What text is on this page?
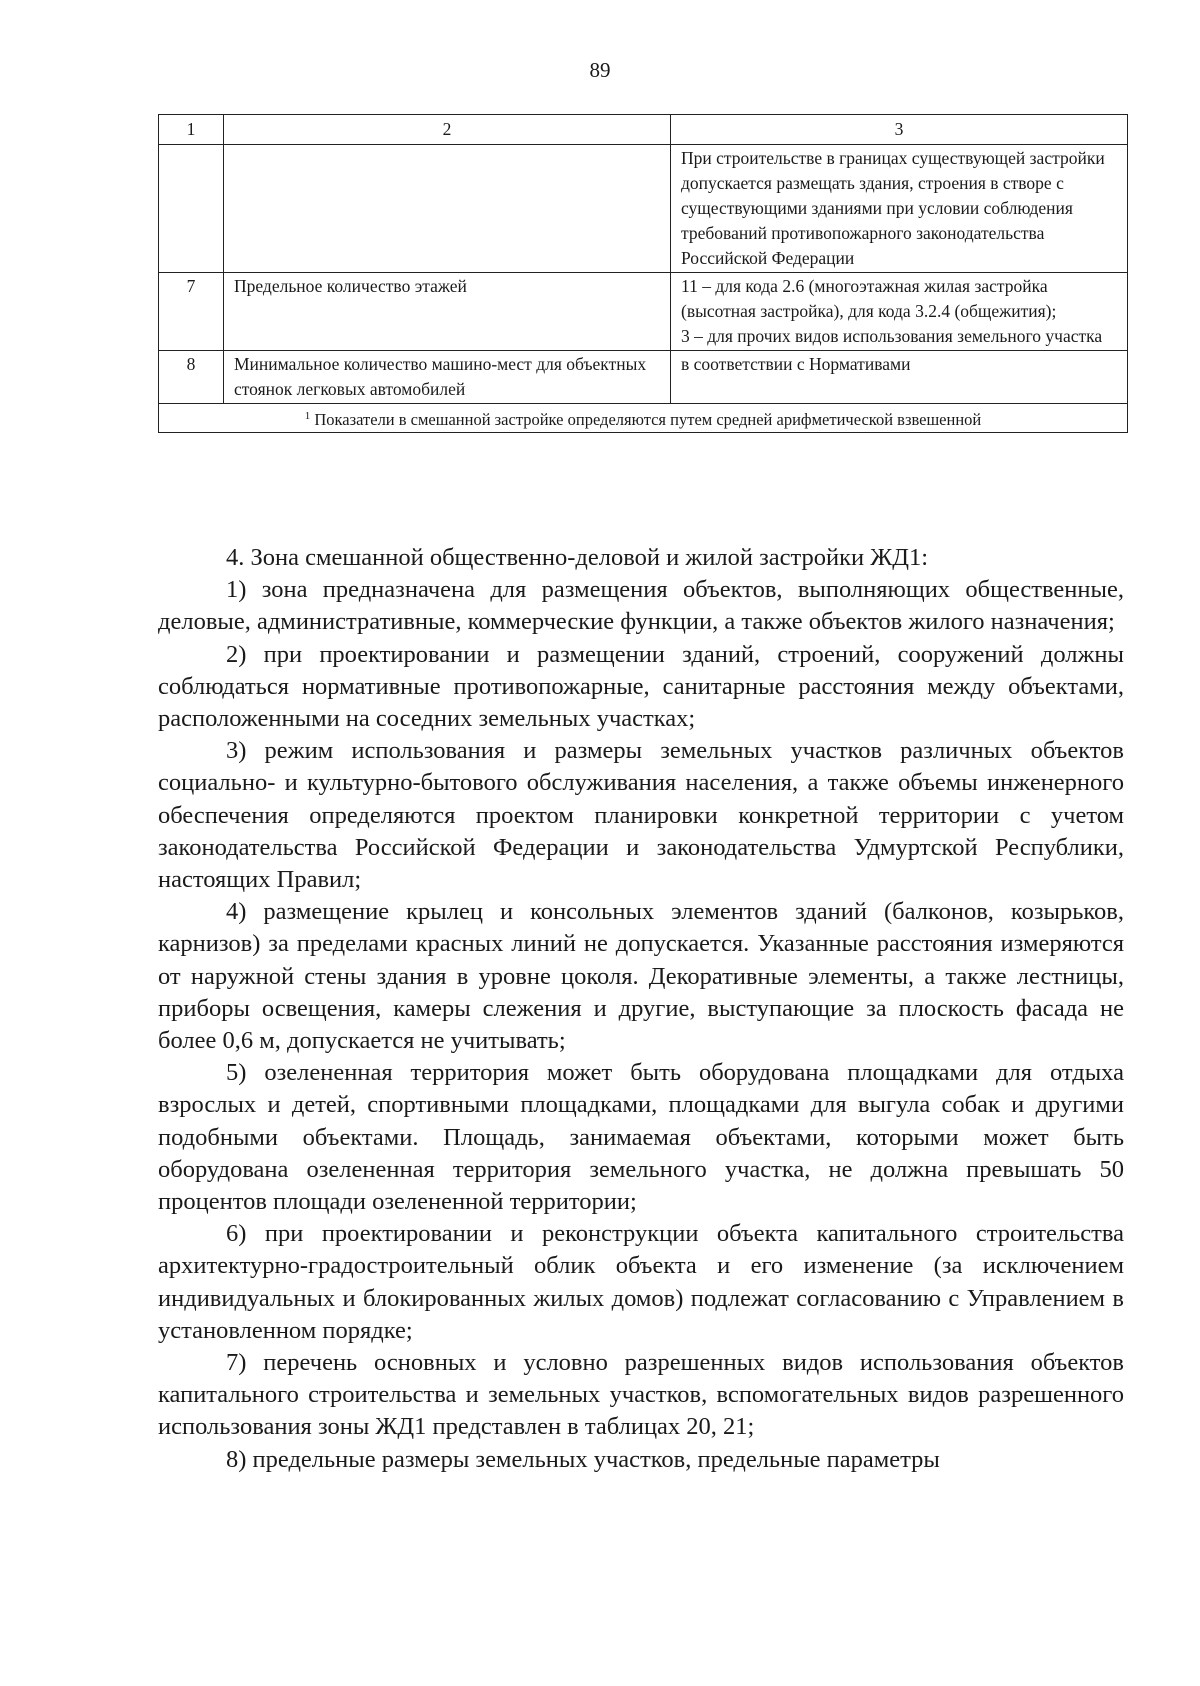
89
1	2	3
		При строительстве в границах существующей застройки допускается размещать здания, строения в створе с существующими зданиями при условии соблюдения требований противопожарного законодательства Российской Федерации
7	Предельное количество этажей	11 – для кода 2.6 (многоэтажная жилая застройка (высотная застройка), для кода 3.2.4 (общежития);
3 – для прочих видов использования земельного участка
8	Минимальное количество машино-мест для объектных стоянок легковых автомобилей	в соответствии с Нормативами
$^1$ Показатели в смешанной застройке определяются путем средней арифметической взвешенной		

4. Зона смешанной общественно-деловой и жилой застройки ЖД1:

1) зона предназначена для размещения объектов, выполняющих общественные, деловые, административные, коммерческие функции, а также объектов жилого назначения;

2) при проектировании и размещении зданий, строений, сооружений должны соблюдаться нормативные противопожарные, санитарные расстояния между объектами, расположенными на соседних земельных участках;

3) режим использования и размеры земельных участков различных объектов социально- и культурно-бытового обслуживания населения, а также объемы инженерного обеспечения определяются проектом планировки конкретной территории с учетом законодательства Российской Федерации и законодательства Удмуртской Республики, настоящих Правил;

4) размещение крылец и консольных элементов зданий (балконов, козырьков, карнизов) за пределами красных линий не допускается. Указанные расстояния измеряются от наружной стены здания в уровне цоколя. Декоративные элементы, а также лестницы, приборы освещения, камеры слежения и другие, выступающие за плоскость фасада не более 0,6 м, допускается не учитывать;

5) озелененная территория может быть оборудована площадками для отдыха взрослых и детей, спортивными площадками, площадками для выгула собак и другими подобными объектами. Площадь, занимаемая объектами, которыми может быть оборудована озелененная территория земельного участка, не должна превышать 50 процентов площади озелененной территории;

6) при проектировании и реконструкции объекта капитального строительства архитектурно-градостроительный облик объекта и его изменение (за исключением индивидуальных и блокированных жилых домов) подлежат согласованию с Управлением в установленном порядке;

7) перечень основных и условно разрешенных видов использования объектов капитального строительства и земельных участков, вспомогательных видов разрешенного использования зоны ЖД1 представлен в таблицах 20, 21;

8) предельные размеры земельных участков, предельные параметры
